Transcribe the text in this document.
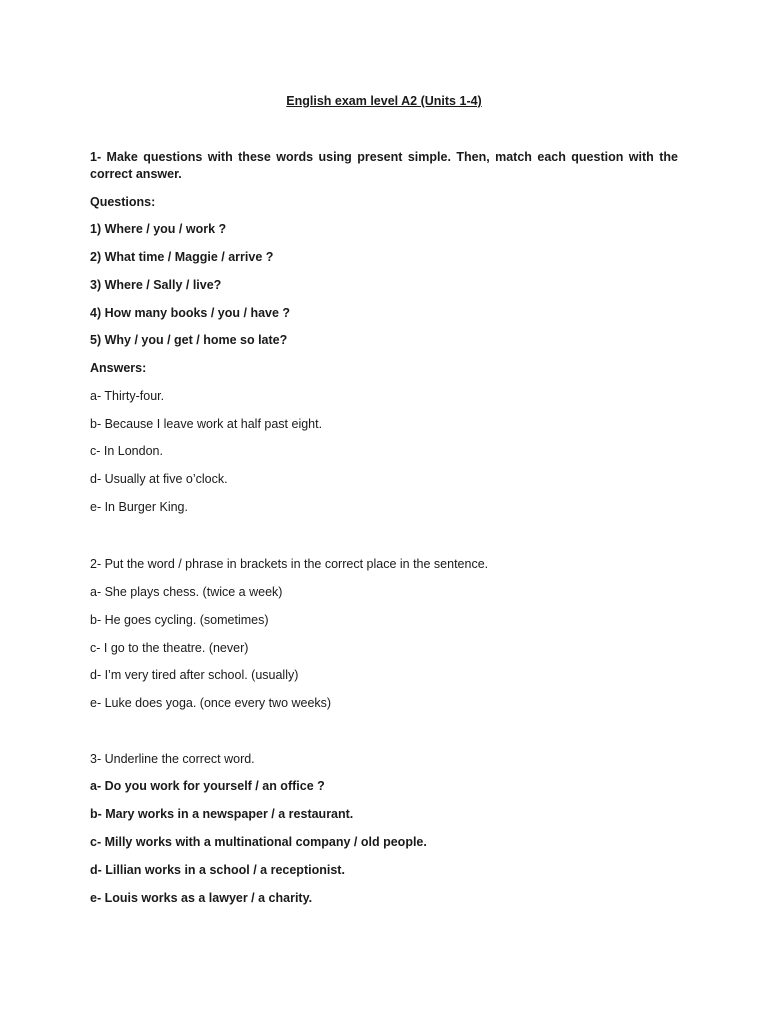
English exam level A2 (Units 1-4)
1- Make questions with these words using present simple. Then, match each question with the correct answer.
Questions:
1) Where / you / work ?
2) What time / Maggie / arrive ?
3) Where / Sally / live?
4) How many books / you / have ?
5) Why / you / get / home so late?
Answers:
a- Thirty-four.
b- Because I leave work at half past eight.
c- In London.
d- Usually at five o’clock.
e- In Burger King.
2- Put the word / phrase in brackets in the correct place in the sentence.
a- She plays chess. (twice a week)
b- He goes cycling. (sometimes)
c- I go to the theatre. (never)
d- I’m very tired after school. (usually)
e- Luke does yoga. (once every two weeks)
3- Underline the correct word.
a- Do you work for yourself / an office ?
b- Mary works in a newspaper / a restaurant.
c- Milly works with a multinational company / old people.
d- Lillian works in a school / a receptionist.
e- Louis works as a lawyer / a charity.
